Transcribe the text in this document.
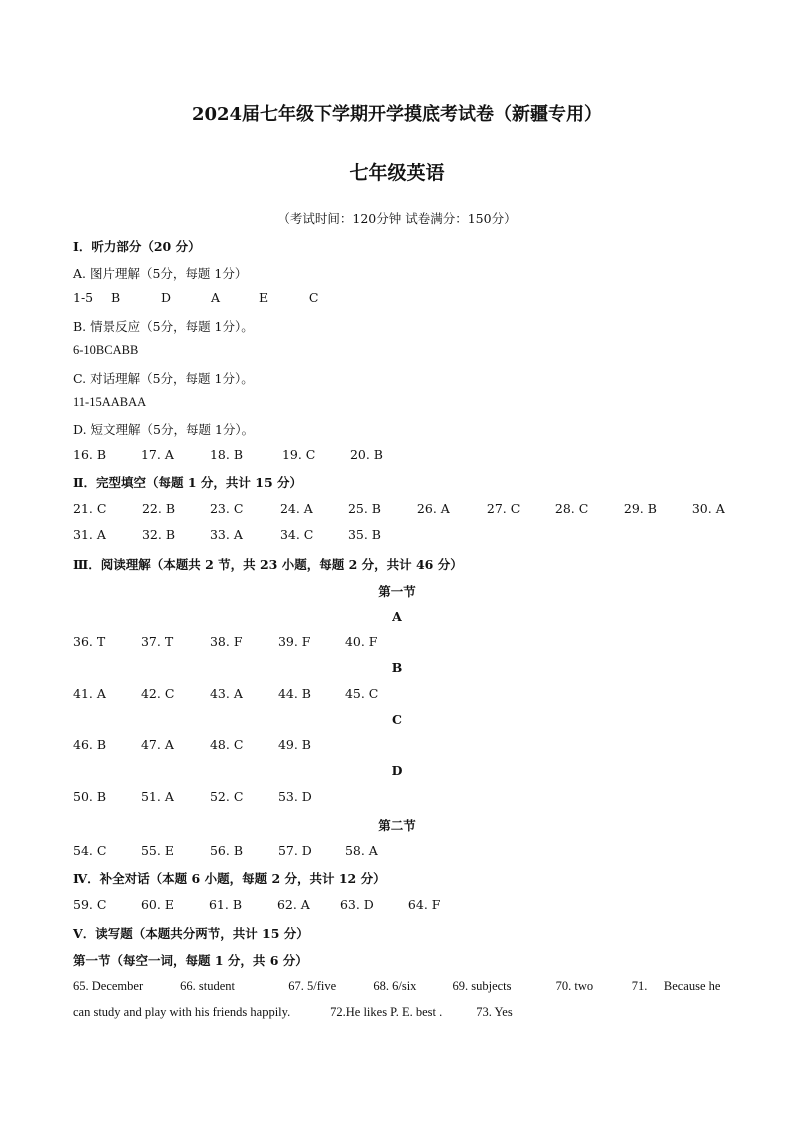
2024届七年级下学期开学摸底考试卷（新疆专用）
七年级英语
（考试时间：120分钟 试卷满分：150分）
Ⅰ．听力部分（20 分）
A. 图片理解（5分，每题 1分）
1-5 B	D	A	E	C
B. 情景反应（5分，每题 1分）。
6-10BCABB
C. 对话理解（5分，每题 1分）。
11-15AABAA
D. 短文理解（5分，每题 1分）。
16. B	17. A	18. B	19. C	20. B
Ⅱ．完型填空（每题 1 分，共计 15 分）
21. C	22. B	23. C	24. A	25. B	26. A	27. C	28. C	29. B	30. A
31. A	32. B	33. A	34. C	35. B
Ⅲ．阅读理解（本题共 2 节，共 23 小题，每题 2 分，共计 46 分）
第一节
A
36. T	37. T	38. F	39. F	40. F
B
41. A	42. C	43. A	44. B	45. C
C
46. B	47. A	48. C	49. B
D
50. B	51. A	52. C	53. D
第二节
54. C	55. E	56. B	57. D	58. A
Ⅳ．补全对话（本题 6 小题，每题 2 分，共计 12 分）
59. C	60. E	61. B	62. A 63. D	64. F
Ⅴ．读写题（本题共分两节，共计 15 分）
第一节（每空一词，每题 1 分，共 6 分）
65. December	66. student	67. 5/five	68. 6/six	69. subjects	70. two	71. Because he
can study and play with his friends happily.	72.He likes P. E. best .	73. Yes
